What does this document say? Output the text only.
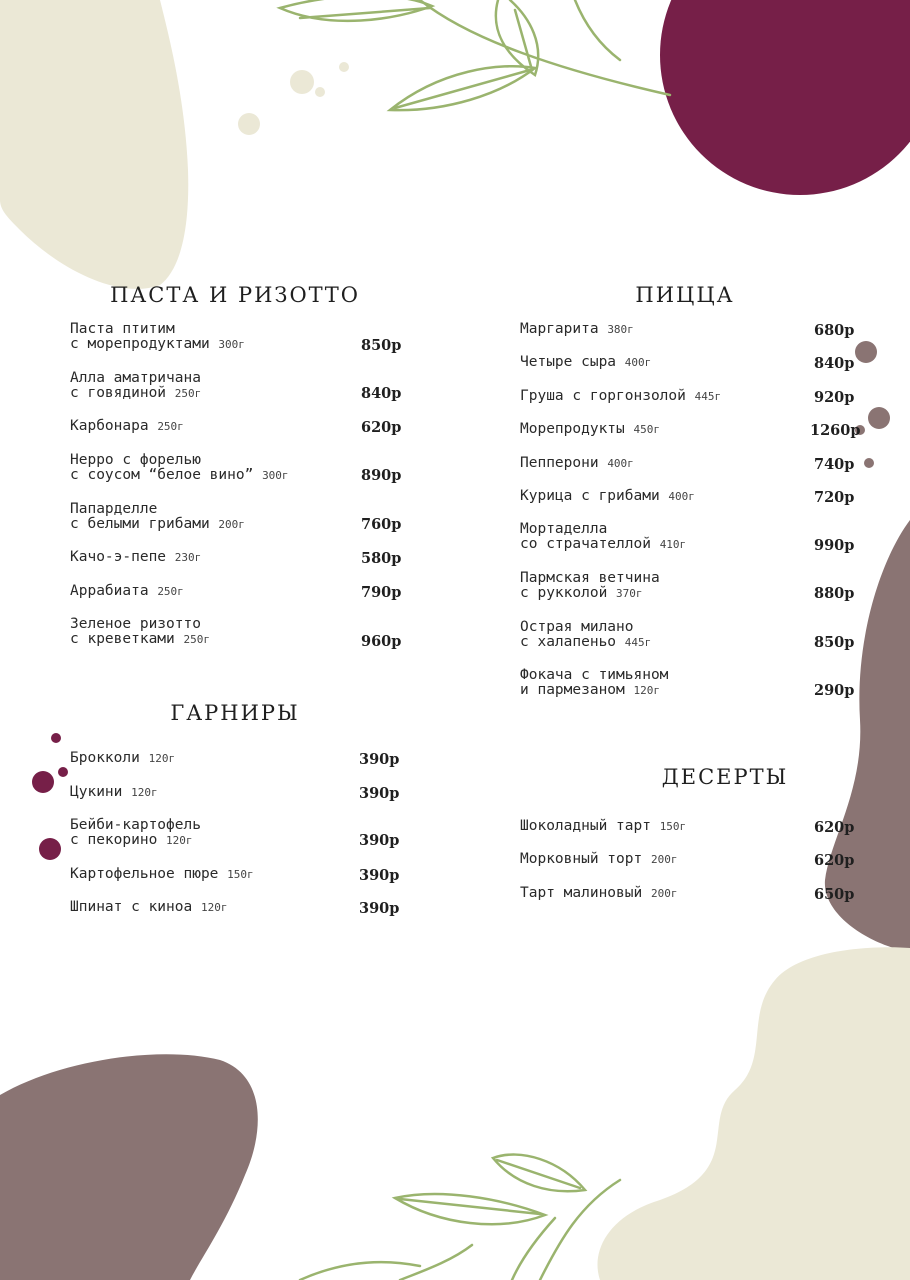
ПАСТА И РИЗОТТО
Паста птитим
с морепродуктами 300г	850р
Алла аматричана
с говядиной 250г	840р
Карбонара 250г	620р
Нерро с форелью
с соусом “белое вино” 300г	890р
Папарделле
с белыми грибами 200г	760р
Качо-э-пепе 230г	580р
Аррабиата 250г	790р
Зеленое ризотто
с креветками 250г	960р
ГАРНИРЫ
Брокколи 120г	390р
Цукини 120г	390р
Бейби-картофель
с пекорино 120г	390р
Картофельное пюре 150г	390р
Шпинат с киноа 120г	390р
ПИЦЦА
Маргарита 380г	680р
Четыре сыра 400г	840р
Груша с горгонзолой 445г	920р
Морепродукты 450г	1260р
Пепперони 400г	740р
Курица с грибами 400г	720р
Мортаделла
со страчателлой 410г	990р
Пармская ветчина
с рукколой 370г	880р
Острая милано
с халапеньо 445г	850р
Фокача с тимьяном
и пармезаном 120г	290р
ДЕСЕРТЫ
Шоколадный тарт 150г	620р
Морковный торт 200г	620р
Тарт малиновый 200г	650р
